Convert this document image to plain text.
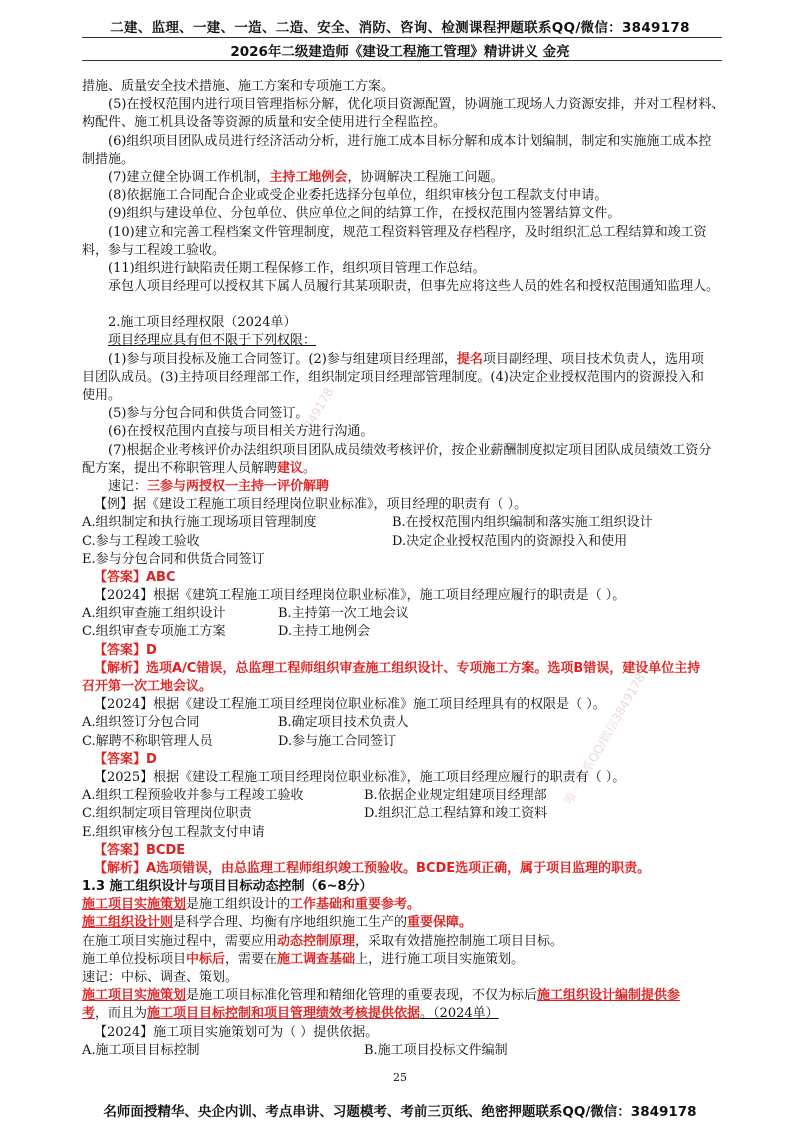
二建、监理、一建、一造、二造、安全、消防、咨询、检测课程押题联系QQ/微信：3849178
2026年二级建造师《建设工程施工管理》精讲讲义 金亮
3849178
唯一联系QQ/微信3849178
措施、质量安全技术措施、施工方案和专项施工方案。
(5)在授权范围内进行项目管理指标分解，优化项目资源配置，协调施工现场人力资源安排，并对工程材料、
构配件、施工机具设备等资源的质量和安全使用进行全程监控。
(6)组织项目团队成员进行经济活动分析，进行施工成本目标分解和成本计划编制，制定和实施施工成本控
制措施。
(7)建立健全协调工作机制，主持工地例会，协调解决工程施工问题。
(8)依据施工合同配合企业或受企业委托选择分包单位，组织审核分包工程款支付申请。
(9)组织与建设单位、分包单位、供应单位之间的结算工作，在授权范围内签署结算文件。
(10)建立和完善工程档案文件管理制度，规范工程资料管理及存档程序，及时组织汇总工程结算和竣工资
料，参与工程竣工验收。
(11)组织进行缺陷责任期工程保修工作，组织项目管理工作总结。
承包人项目经理可以授权其下属人员履行其某项职责，但事先应将这些人员的姓名和授权范围通知监理人。
2.施工项目经理权限（2024单）
项目经理应具有但不限于下列权限：
(1)参与项目投标及施工合同签订。(2)参与组建项目经理部，提名项目副经理、项目技术负责人，选用项
目团队成员。(3)主持项目经理部工作，组织制定项目经理部管理制度。(4)决定企业授权范围内的资源投入和
使用。
(5)参与分包合同和供货合同签订。
(6)在授权范围内直接与项目相关方进行沟通。
(7)根据企业考核评价办法组织项目团队成员绩效考核评价，按企业薪酬制度拟定项目团队成员绩效工资分
配方案，提出不称职管理人员解聘建议。
速记：三参与两授权一主持一评价解聘
【例】据《建设工程施工项目经理岗位职业标准》，项目经理的职责有（ ）。
A.组织制定和执行施工现场项目管理制度	B.在授权范围内组织编制和落实施工组织设计
C.参与工程竣工验收	D.决定企业授权范围内的资源投入和使用
E.参与分包合同和供货合同签订
【答案】ABC
【2024】根据《建筑工程施工项目经理岗位职业标准》，施工项目经理应履行的职责是（ ）。
A.组织审查施工组织设计	B.主持第一次工地会议
C.组织审查专项施工方案	D.主持工地例会
【答案】D
【解析】选项A/C错误，总监理工程师组织审查施工组织设计、专项施工方案。选项B错误，建设单位主持
召开第一次工地会议。
【2024】根据《建设工程施工项目经理岗位职业标准》施工项目经理具有的权限是（ ）。
A.组织签订分包合同	B.确定项目技术负责人
C.解聘不称职管理人员	D.参与施工合同签订
【答案】D
【2025】根据《建设工程施工项目经理岗位职业标准》，施工项目经理应履行的职责有（ ）。
A.组织工程预验收并参与工程竣工验收	B.依据企业规定组建项目经理部
C.组织制定项目管理岗位职责	D.组织汇总工程结算和竣工资料
E.组织审核分包工程款支付申请
【答案】BCDE
【解析】A选项错误，由总监理工程师组织竣工预验收。BCDE选项正确，属于项目监理的职责。
1.3 施工组织设计与项目目标动态控制（6~8分）
施工项目实施策划是施工组织设计的工作基础和重要参考。
施工组织设计则是科学合理、均衡有序地组织施工生产的重要保障。
在施工项目实施过程中，需要应用动态控制原理，采取有效措施控制施工项目目标。
施工单位投标项目中标后，需要在施工调查基础上，进行施工项目实施策划。
速记：中标、调查、策划。
施工项目实施策划是施工项目标准化管理和精细化管理的重要表现，不仅为标后施工组织设计编制提供参
考，而且为施工项目目标控制和项目管理绩效考核提供依据。（2024单）
【2024】施工项目实施策划可为（ ）提供依据。
A.施工项目目标控制	B.施工项目投标文件编制
25
名师面授精华、央企内训、考点串讲、习题模考、考前三页纸、绝密押题联系QQ/微信：3849178
